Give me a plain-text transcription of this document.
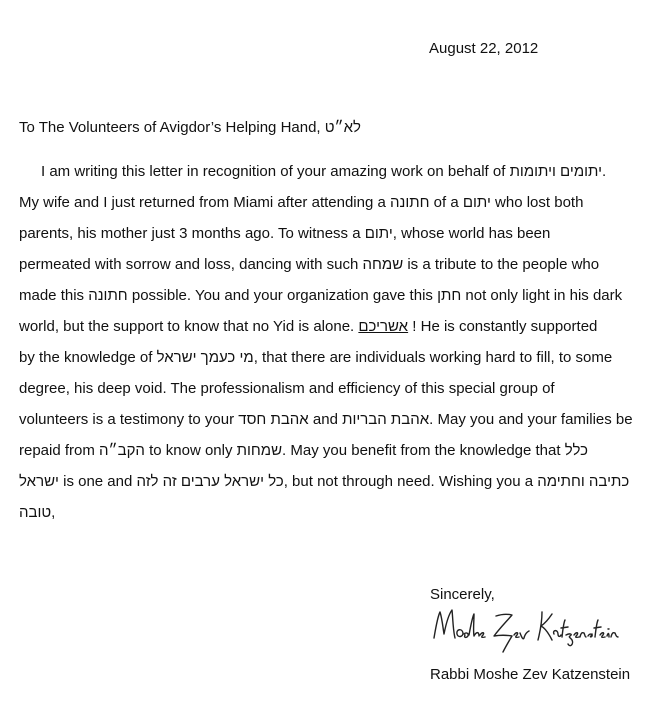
August 22, 2012
To The Volunteers of Avigdor’s Helping Hand, לא״ט
I am writing this letter in recognition of your amazing work on behalf of יתומים ויתומות.
My wife and I just returned from Miami after attending a חתונה of a יתום who lost both
parents, his mother just 3 months ago. To witness a יתום, whose world has been
permeated with sorrow and loss, dancing with such שמחה is a tribute to the people who
made this חתונה possible. You and your organization gave this חתן not only light in his dark
world, but the support to know that no Yid is alone. אשריכם ! He is constantly supported
by the knowledge of מי כעמך ישראל, that there are individuals working hard to fill, to some
degree, his deep void. The professionalism and efficiency of this special group of
volunteers is a testimony to your אהבת חסד and אהבת הבריות. May you and your families be
repaid from הקב״ה to know only שמחות. May you benefit from the knowledge that כלל
ישראל is one and כל ישראל ערבים זה לזה, but not through need. Wishing you a כתיבה וחתימה
טובה,
Sincerely,
Rabbi Moshe Zev Katzenstein
